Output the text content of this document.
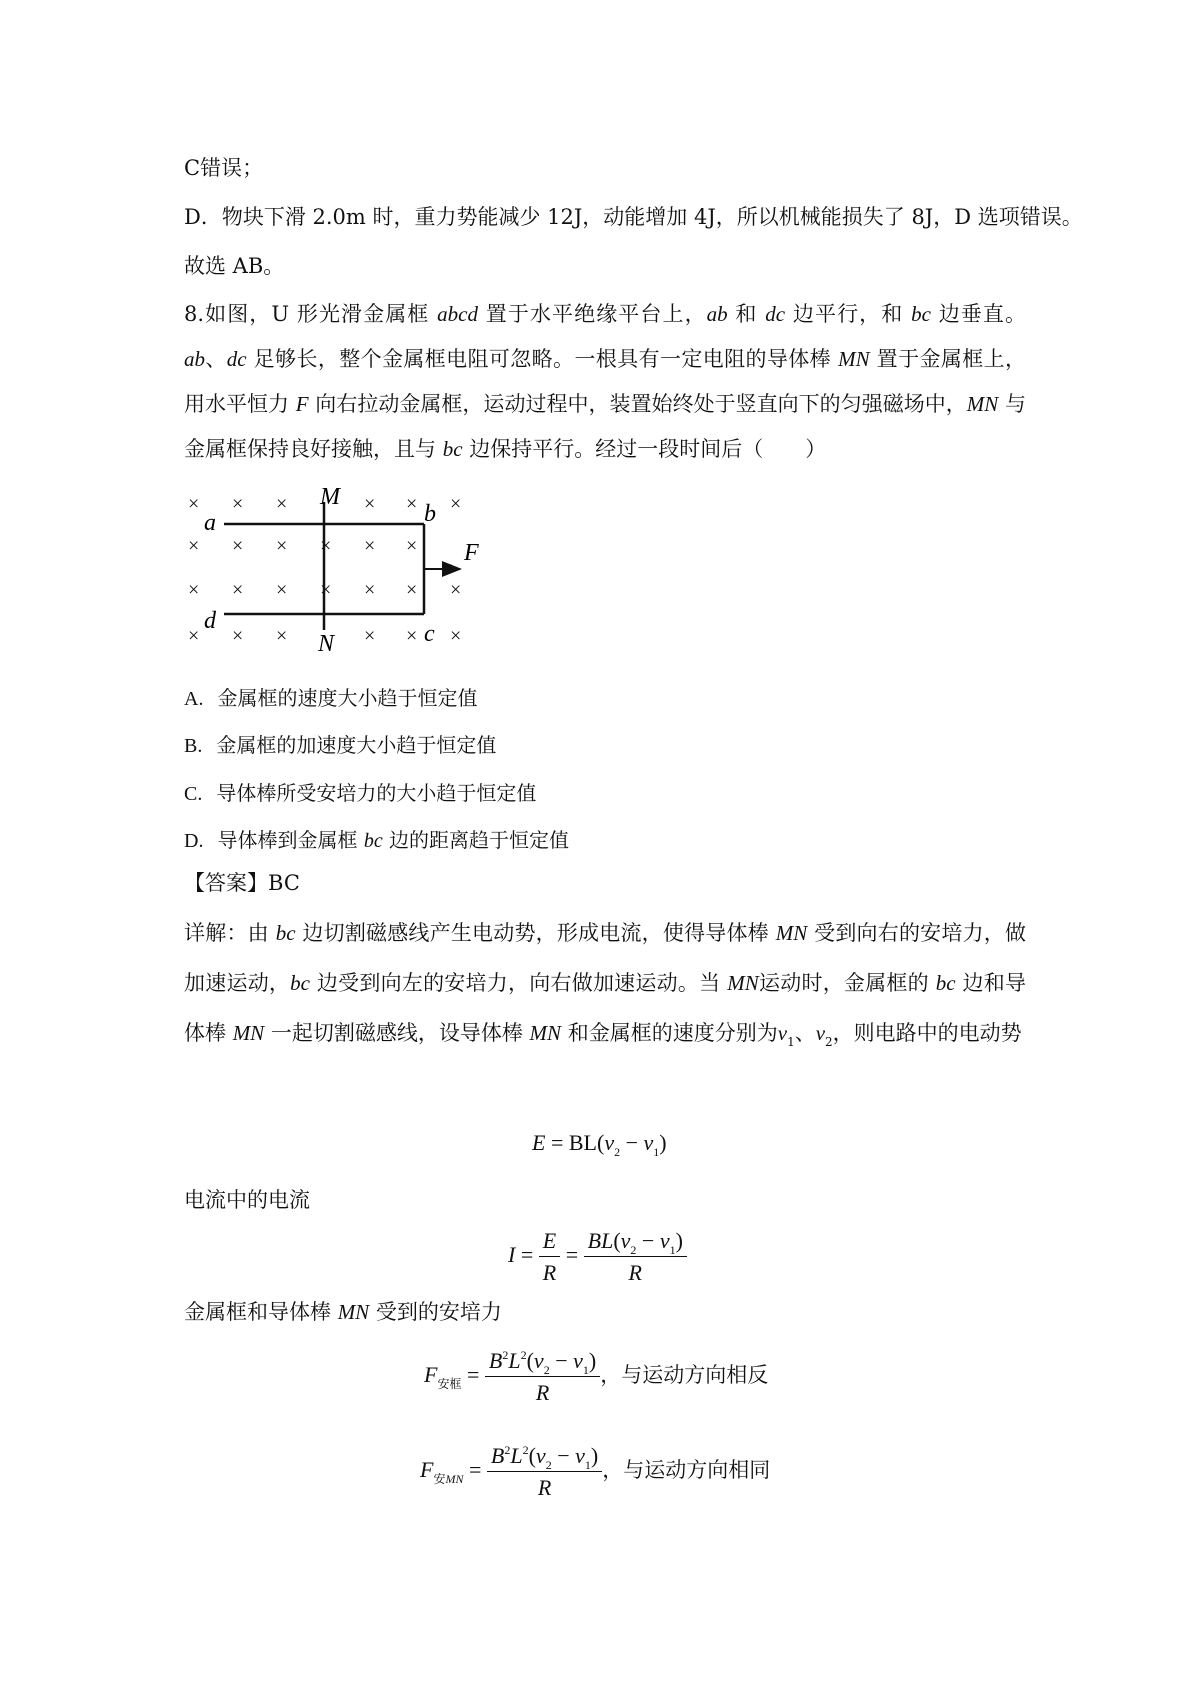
C错误；
D．物块下滑 2.0m 时，重力势能减少 12J，动能增加 4J，所以机械能损失了 8J，D 选项错误。
故选 AB。
8.如图，U 形光滑金属框 abcd 置于水平绝缘平台上，ab 和 dc 边平行，和 bc 边垂直。ab、dc 足够长，整个金属框电阻可忽略。一根具有一定电阻的导体棒 MN 置于金属框上，用水平恒力 F 向右拉动金属框，运动过程中，装置始终处于竖直向下的匀强磁场中，MN 与金属框保持良好接触，且与 bc 边保持平行。经过一段时间后（　　）
× × ×	× × ×
× × × × × ×
× × × × × × ×
× × ×	× × ×
×
M
N
a	b
c
d
F
A. 金属框的速度大小趋于恒定值
B. 金属框的加速度大小趋于恒定值
C. 导体棒所受安培力的大小趋于恒定值
D. 导体棒到金属框 bc 边的距离趋于恒定值
【答案】BC
详解：由 bc 边切割磁感线产生电动势，形成电流，使得导体棒 MN 受到向右的安培力，做加速运动，bc 边受到向左的安培力，向右做加速运动。当 MN运动时，金属框的 bc 边和导体棒 MN 一起切割磁感线，设导体棒 MN 和金属框的速度分别为$v_1$、$v_2$，则电路中的电动势
$E = BL(v_2 - v_1)$
电流中的电流
$I = \frac{E}{R} = \frac{BL(v_2 - v_1)}{R}$
金属框和导体棒 MN 受到的安培力
$F_{安框} = \frac{B^2L^2(v_2 - v_1)}{R}$ ，与运动方向相反
$F_{安MN} = \frac{B^2L^2(v_2 - v_1)}{R}$ ，与运动方向相同
